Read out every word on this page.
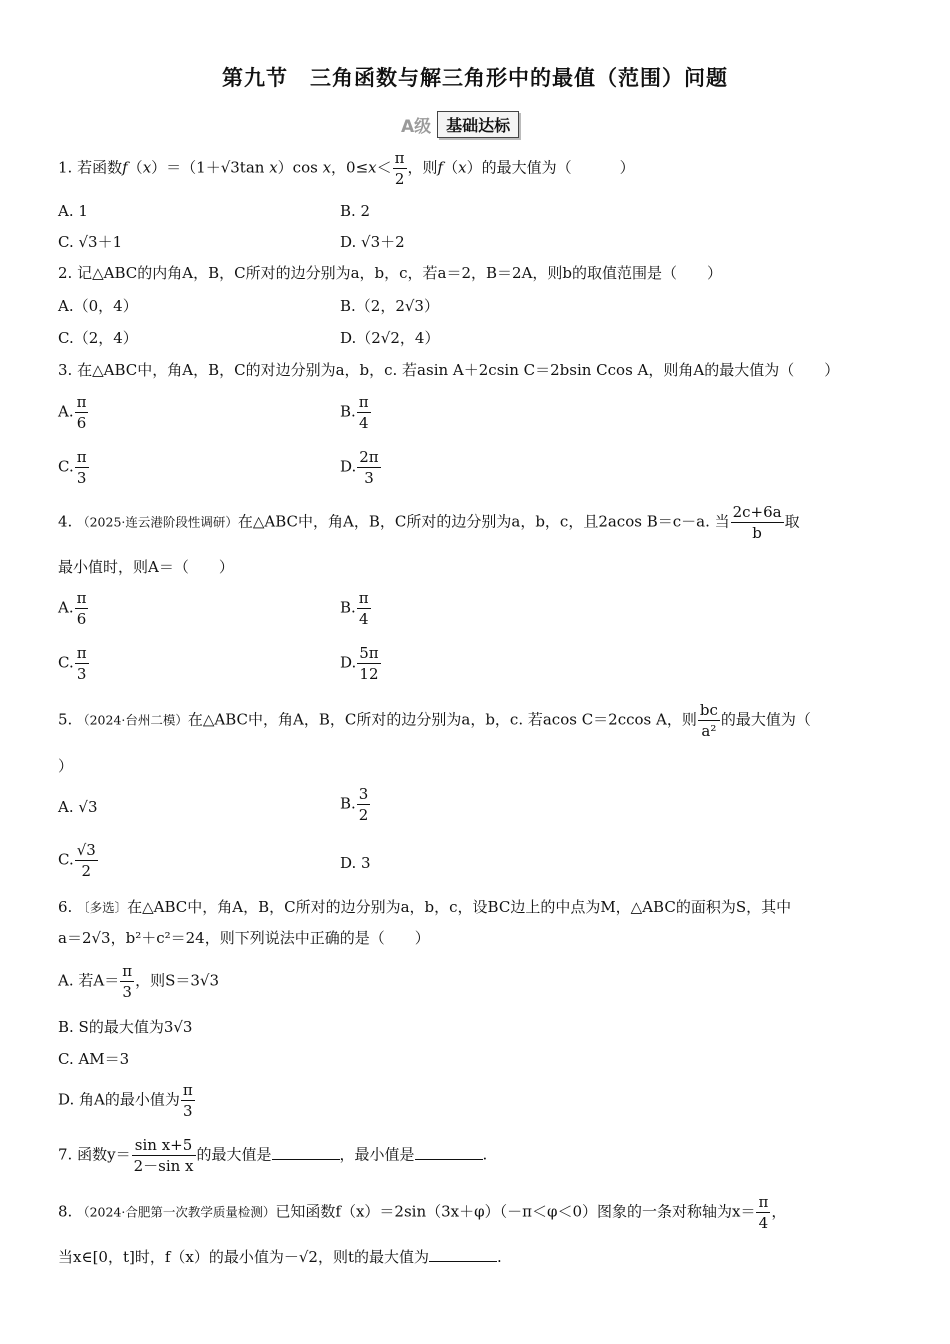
第九节　三角函数与解三角形中的最值（范围）问题
A级 基础达标
1. 若函数f（x）＝（1＋√3tan x）cos x，$0\le x< \frac{\pi}{2}$ ，则f（x）的最大值为（	）
A. 1	B. 2
C. √3＋1	D. √3＋2
2. 记△ABC的内角A，B，C所对的边分别为a，b，c，若a＝2，B＝2A，则b的取值范围是（　　）
A.（0，4）	B.（2，2√3）
C.（2，4）	D.（2√2，4）
3. 在△ABC中，角A，B，C的对边分别为a，b，c. 若asin A＋2csin C＝2bsin Ccos A，则角A的最大值为（　　）
A. $\frac{\pi}{6}$	B. $\frac{\pi}{4}$
C. $\frac{\pi}{3}$	D. $\frac{2\pi}{3}$
4. （2025·连云港阶段性调研）在△ABC中，角A，B，C所对的边分别为a，b，c，且2acos B＝c－a. 当 $\frac{2c+6a}{b}$ 取
最小值时，则A＝（　　）
A. $\frac{\pi}{6}$	B. $\frac{\pi}{4}$
C. $\frac{\pi}{3}$	D. $\frac{5\pi}{12}$
5. （2024·台州二模）在△ABC中，角A，B，C所对的边分别为a，b，c. 若acos C＝2ccos A，则 $\frac{bc}{\text{a²}}$ 的最大值为（
）
A. √3	B. $\frac{3}{2}$
C. $\frac{√3}{2}$	D. 3
6. 〔多选〕在△ABC中，角A，B，C所对的边分别为a，b，c，设BC边上的中点为M，△ABC的面积为S，其中
a＝2√3，b²＋c²＝24，则下列说法中正确的是（　　）
A. 若$A= \frac{\pi}{3}$ ，则S＝3√3
B. S的最大值为3√3
C. AM＝3
D. 角A的最小值为 $\frac{\pi}{3}$
7. 函数$y= \frac{\text{sin x+5}}{\text{2－sin x}}$ 的最大值是	，最小值是	.
8. （2024·合肥第一次教学质量检测）已知函数f（x）＝2sin（3x＋φ）（－π＜φ＜0）图象的一条对称轴为$x= \frac{\pi}{4}$ ，
当x∈[0，t]时，f（x）的最小值为－√2，则t的最大值为	.
